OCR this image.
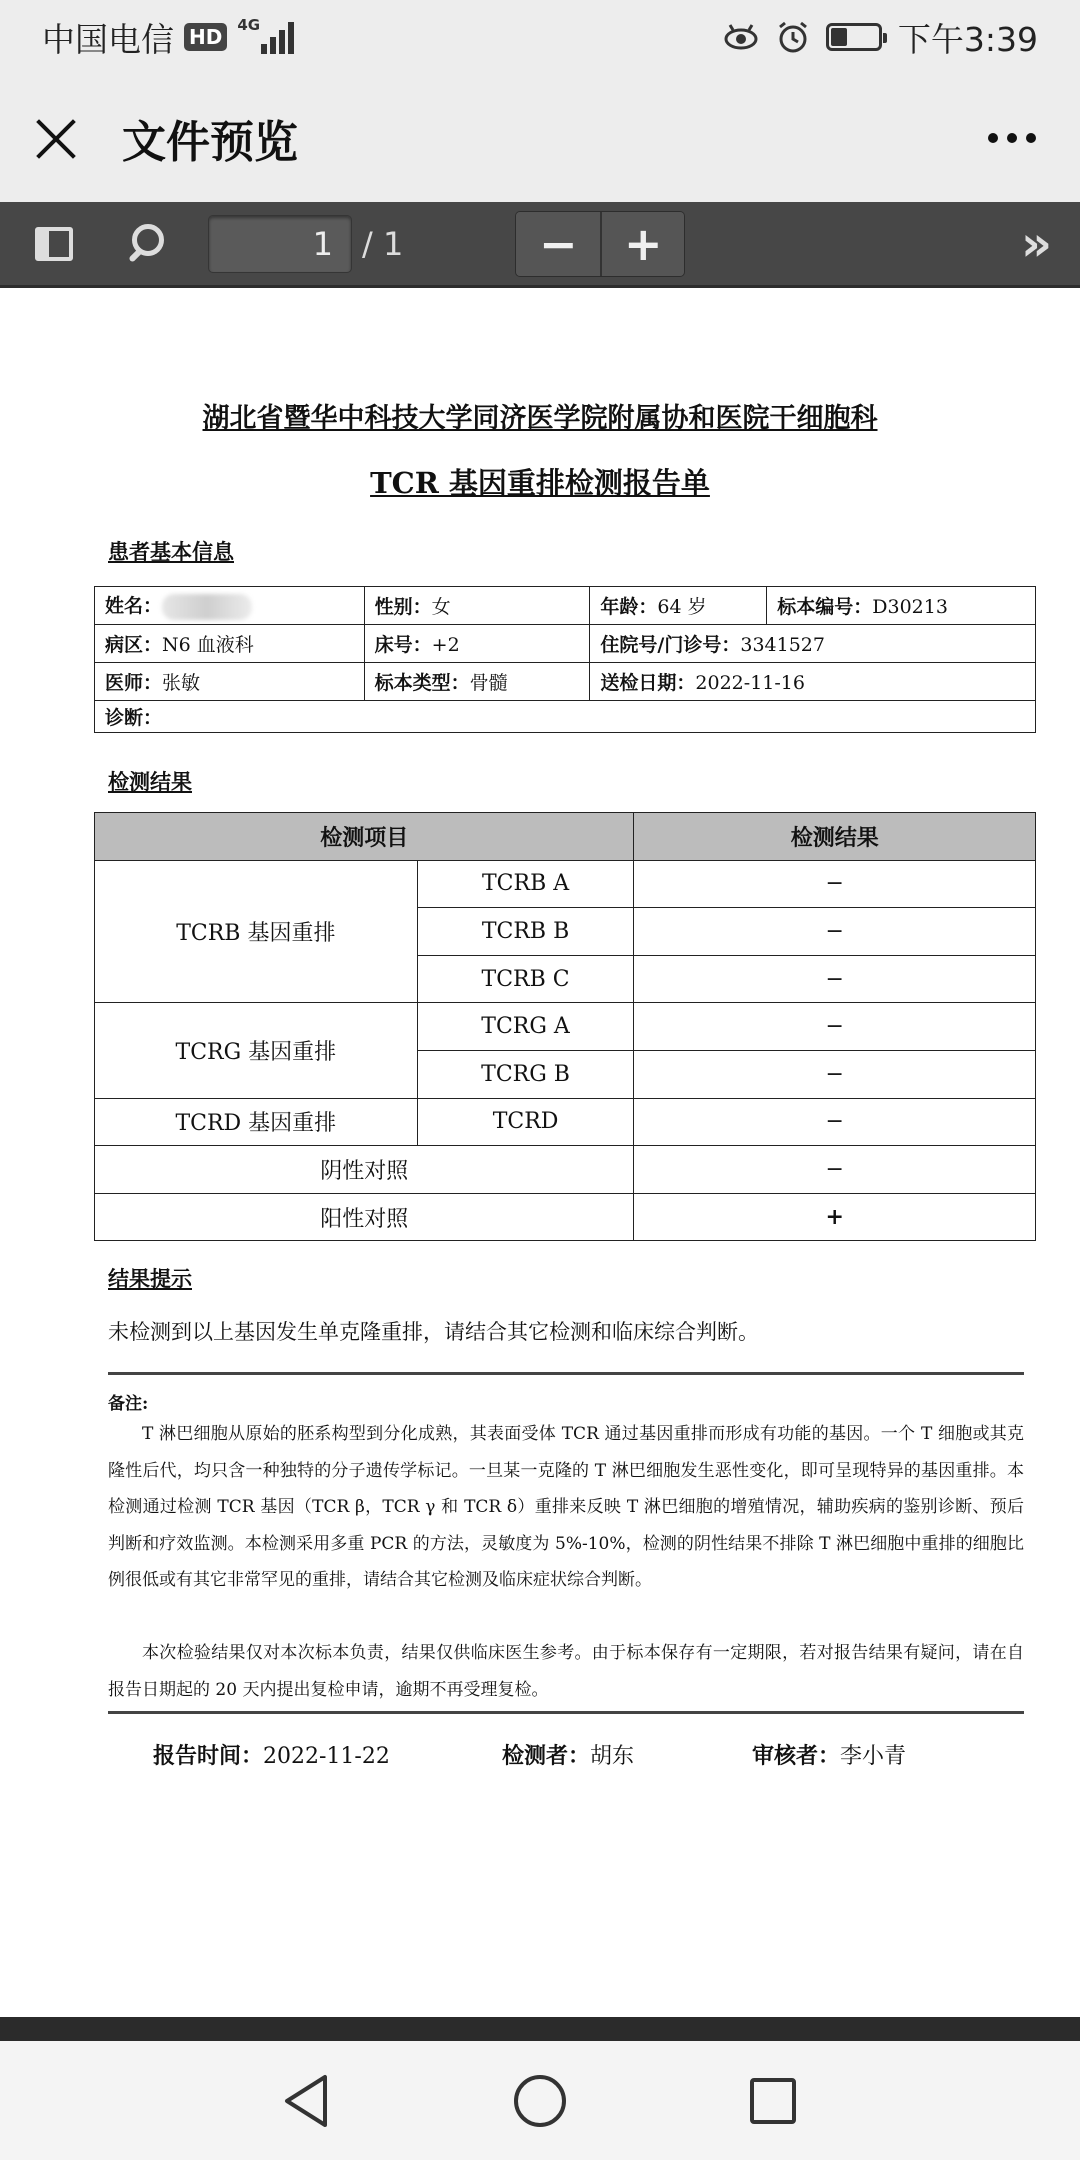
中国电信 HD	4G	下午3:39
文件预览
1
/ 1	−	+	»
湖北省暨华中科技大学同济医学院附属协和医院干细胞科
TCR 基因重排检测报告单
患者基本信息
姓名：	性别：女	年龄：64 岁	标本编号：D30213
病区：N6 血液科	床号：+2	住院号/门诊号：3341527	
医师：张敏	标本类型：骨髓	送检日期：2022-11-16	
诊断：			
检测结果
检测项目		检测结果
TCRB 基因重排	TCRB A	−
	TCRB B	−
	TCRB C	−
TCRG 基因重排	TCRG A	−
	TCRG B	−
TCRD 基因重排	TCRD	−
阴性对照		−
阳性对照		+
结果提示
未检测到以上基因发生单克隆重排，请结合其它检测和临床综合判断。
备注:
T 淋巴细胞从原始的胚系构型到分化成熟，其表面受体 TCR 通过基因重排而形成有功能的基因。一个 T 细胞或其克隆性后代，均只含一种独特的分子遗传学标记。一旦某一克隆的 T 淋巴细胞发生恶性变化，即可呈现特异的基因重排。本检测通过检测 TCR 基因（TCR β，TCR γ 和 TCR δ）重排来反映 T 淋巴细胞的增殖情况，辅助疾病的鉴别诊断、预后判断和疗效监测。本检测采用多重 PCR 的方法，灵敏度为 5%-10%，检测的阴性结果不排除 T 淋巴细胞中重排的细胞比例很低或有其它非常罕见的重排，请结合其它检测及临床症状综合判断。
本次检验结果仅对本次标本负责，结果仅供临床医生参考。由于标本保存有一定期限，若对报告结果有疑问，请在自报告日期起的 20 天内提出复检申请，逾期不再受理复检。
报告时间：2022-11-22	检测者：胡东	审核者：李小青
